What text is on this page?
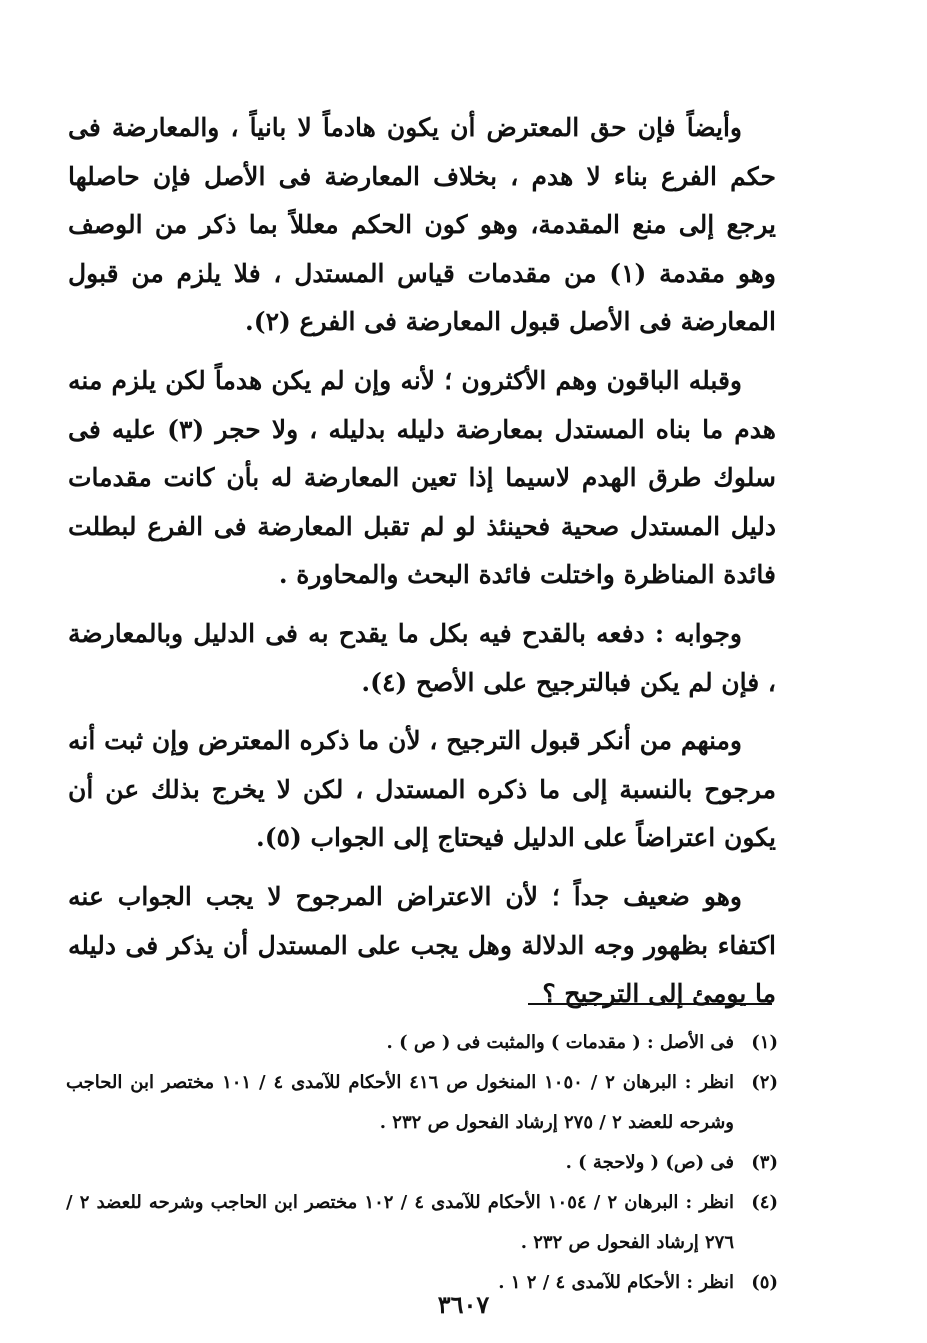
وأيضاً فإن حق المعترض أن يكون هادماً لا بانياً ، والمعارضة فى حكم الفرع بناء لا هدم ، بخلاف المعارضة فى الأصل فإن حاصلها يرجع إلى منع المقدمة، وهو كون الحكم معللاً بما ذكر من الوصف وهو مقدمة (١) من مقدمات قياس المستدل ، فلا يلزم من قبول المعارضة فى الأصل قبول المعارضة فى الفرع (٢).

وقبله الباقون وهم الأكثرون ؛ لأنه وإن لم يكن هدماً لكن يلزم منه هدم ما بناه المستدل بمعارضة دليله بدليله ، ولا حجر (٣) عليه فى سلوك طرق الهدم لاسيما إذا تعين المعارضة له بأن كانت مقدمات دليل المستدل صحية فحينئذ لو لم تقبل المعارضة فى الفرع لبطلت فائدة المناظرة واختلت فائدة البحث والمحاورة .

وجوابه : دفعه بالقدح فيه بكل ما يقدح به فى الدليل وبالمعارضة ، فإن لم يكن فبالترجيح على الأصح (٤).

ومنهم من أنكر قبول الترجيح ، لأن ما ذكره المعترض وإن ثبت أنه مرجوح بالنسبة إلى ما ذكره المستدل ، لكن لا يخرج بذلك عن أن يكون اعتراضاً على الدليل فيحتاج إلى الجواب (٥).

وهو ضعيف جداً ؛ لأن الاعتراض المرجوح لا يجب الجواب عنه اكتفاء بظهور وجه الدلالة وهل يجب على المستدل أن يذكر فى دليله ما يومئ إلى الترجيح ؟

(١)
فى الأصل : ( مقدمات ) والمثبت فى ( ص ) .

(٢)
انظر : البرهان ٢ / ١٠٥٠ المنخول ص ٤١٦ الأحكام للآمدى ٤ / ١٠١ مختصر ابن الحاجب وشرحه للعضد ٢ / ٢٧٥ إرشاد الفحول ص ٢٣٢ .

(٣)
فى (ص) ( ولاحجة ) .

(٤)
انظر : البرهان ٢ / ١٠٥٤ الأحكام للآمدى ٤ / ١٠٢ مختصر ابن الحاجب وشرحه للعضد ٢ / ٢٧٦ إرشاد الفحول ص ٢٣٢ .

(٥)
انظر : الأحكام للآمدى ٤ / ٢ ١ .

٣٦٠٧
